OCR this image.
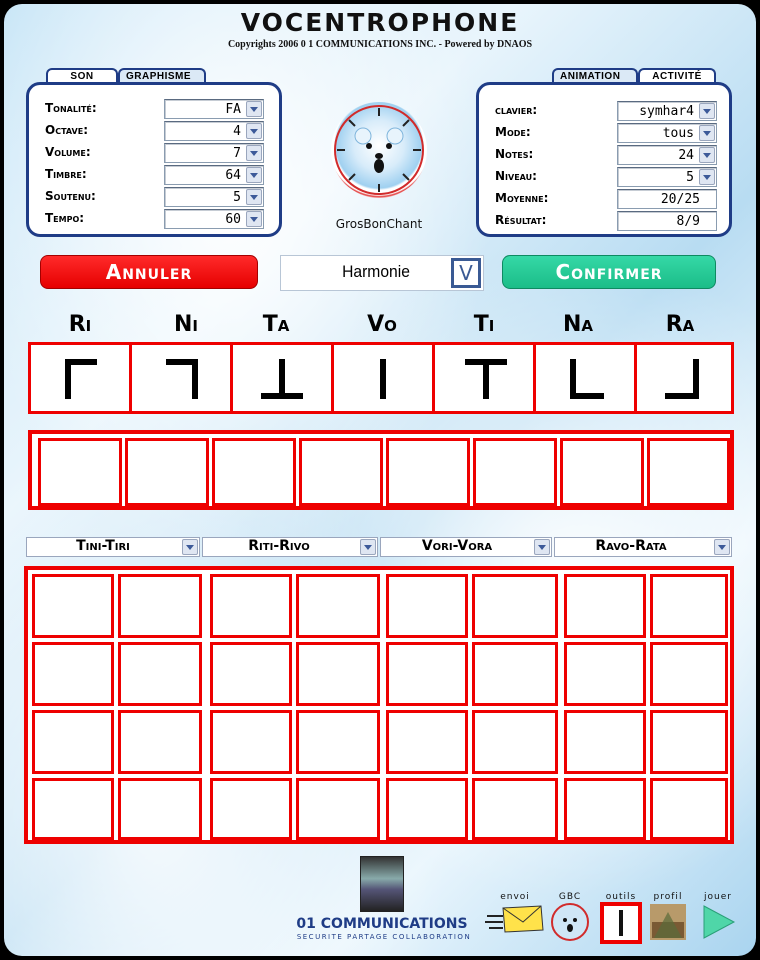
VOCENTROPHONE
Copyrights 2006 0 1 COMMUNICATIONS INC. - Powered by DNAOS
SON	GRAPHISME
Tonalité:	FA
Octave:	4
Volume:	7
Timbre:	64
Soutenu:	5
Tempo:	60	GrosBonChant
ANIMATION	ACTIVITÉ
clavier:	symhar4
Mode:	tous
Notes:	24
Niveau:	5
Moyenne:	20/25
Résultat:	8/9
Annuler	Harmonie	V	Confirmer
Ri	Ni	Ta	Vo	Ti	Na	Ra
Tini-Tiri	Riti-Rivo	Vori-Vora	Ravo-Rata
01 COMMUNICATIONS
SECURITE PARTAGE COLLABORATION
envoi	GBC	outils	profil	jouer
